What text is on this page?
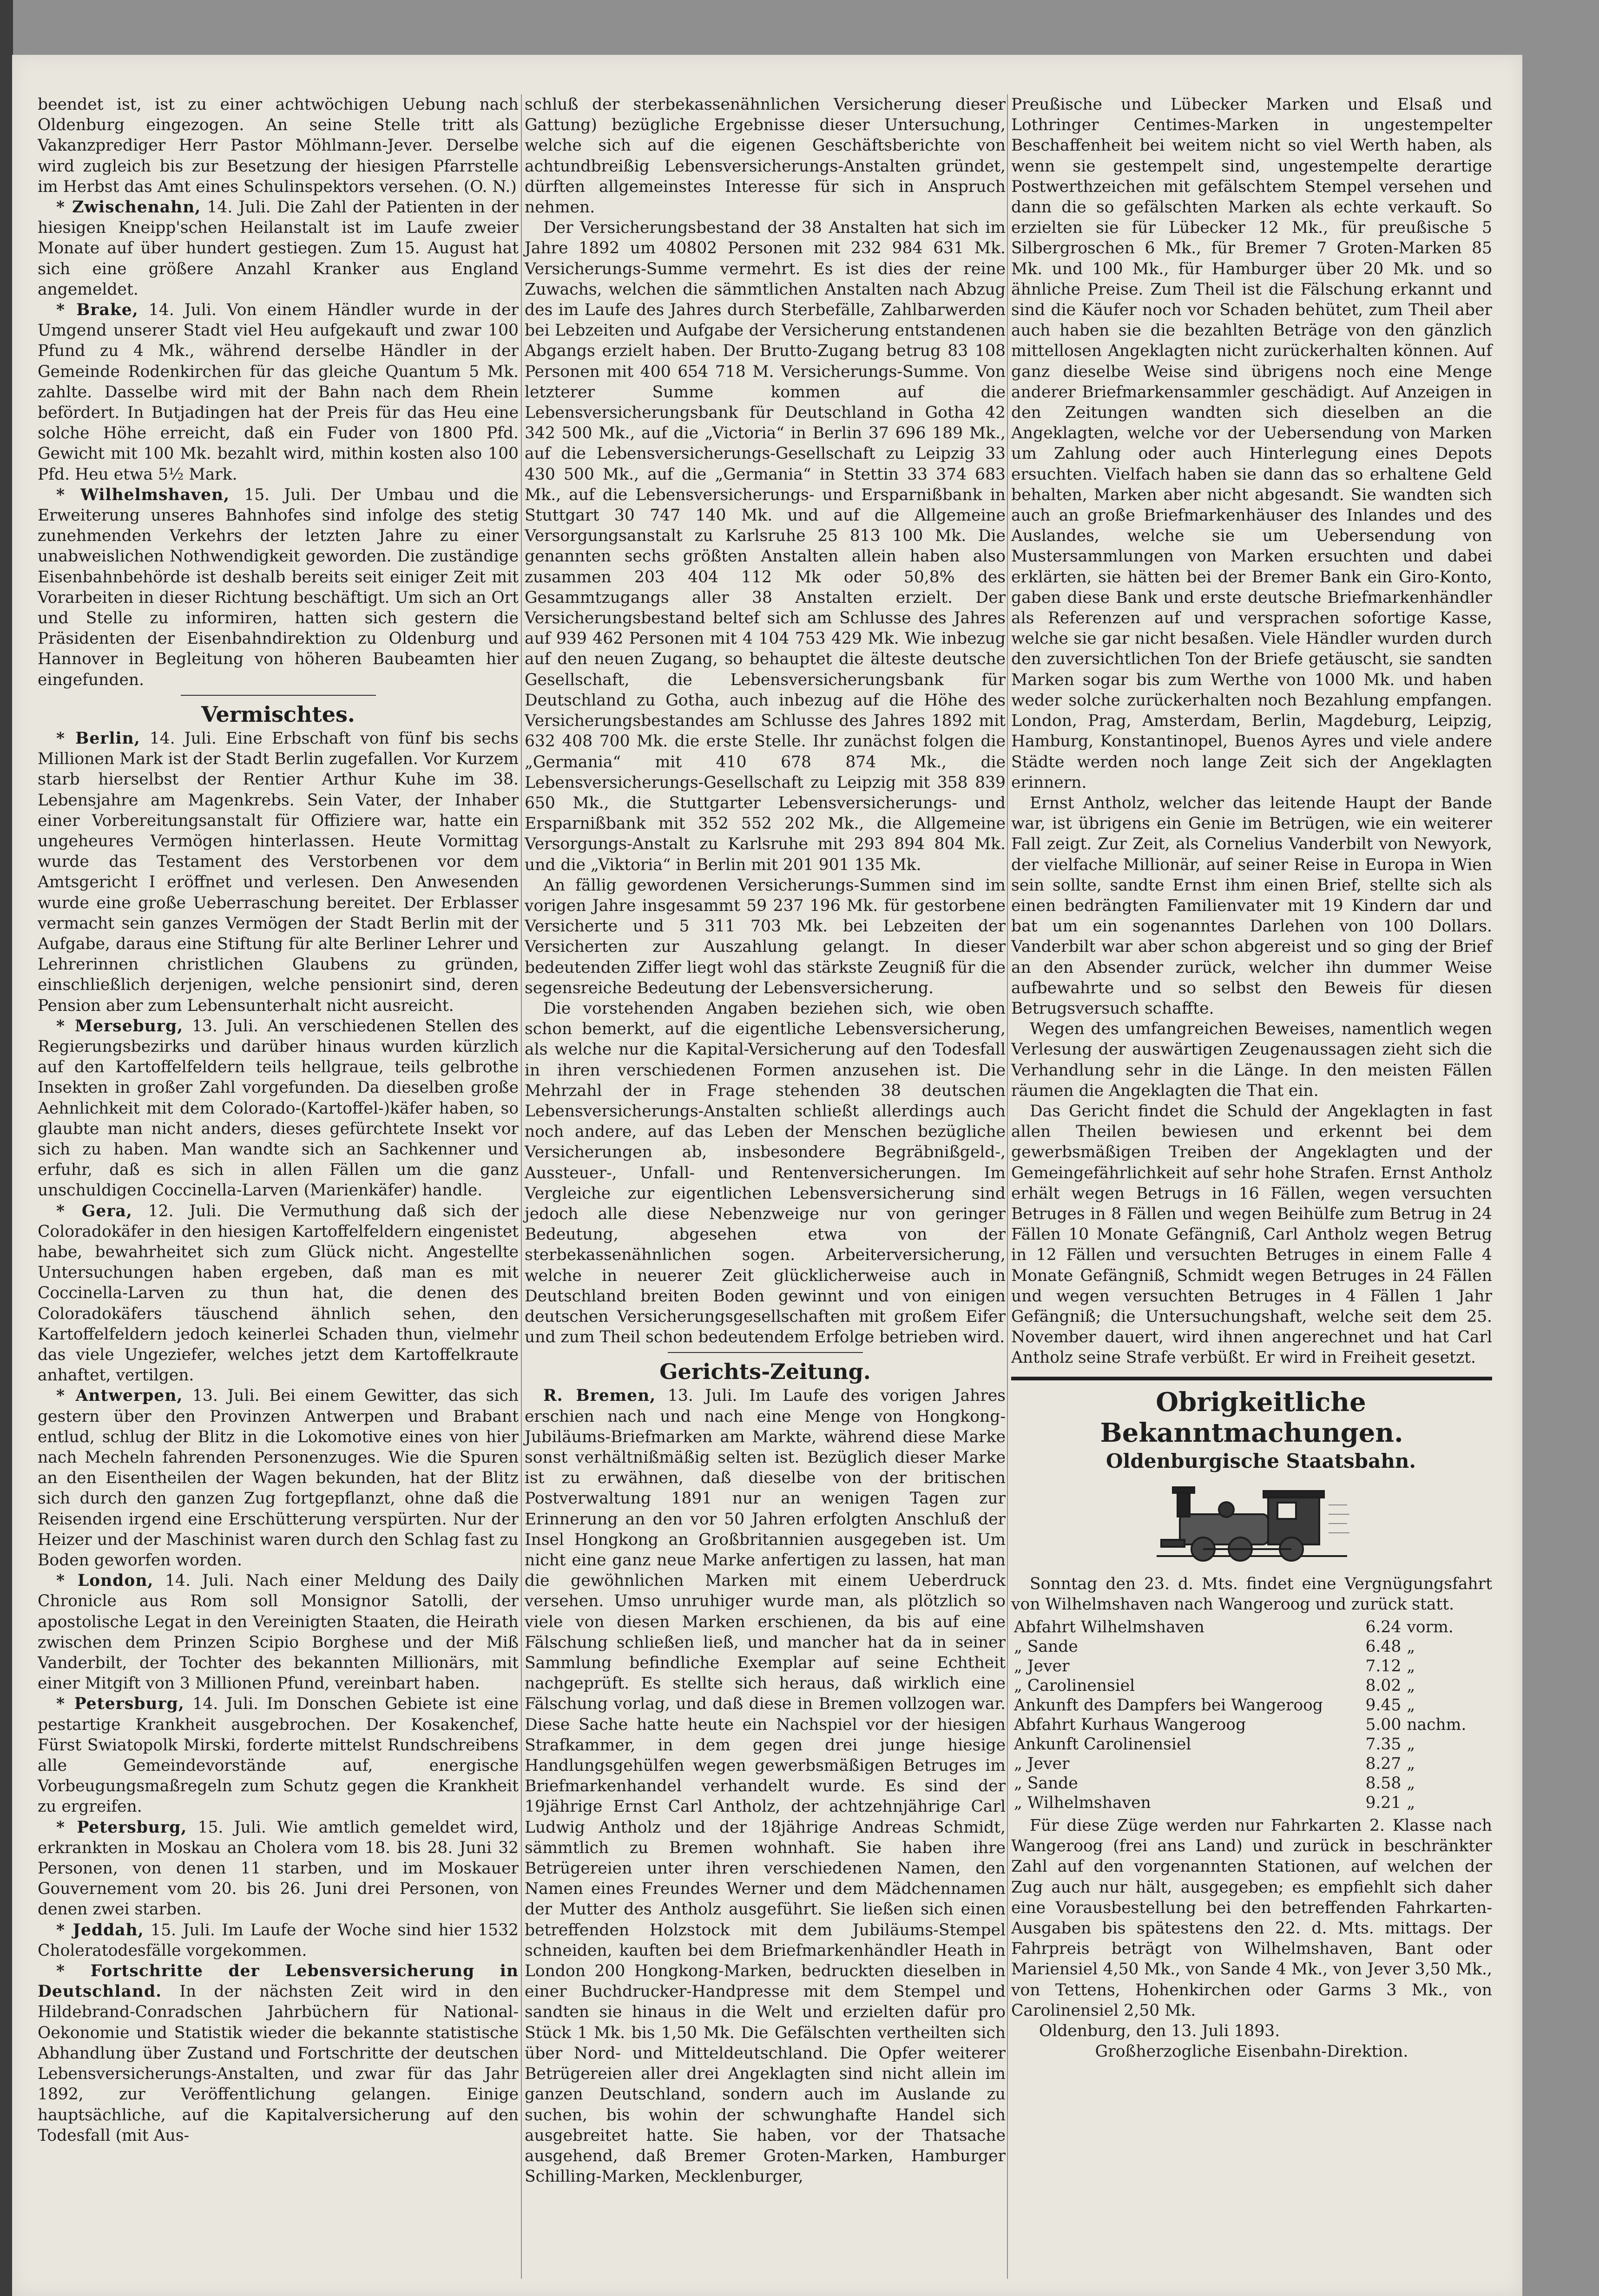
beendet ist, ist zu einer achtwöchigen Uebung nach Oldenburg eingezogen. An seine Stelle tritt als Vakanzprediger Herr Pastor Möhlmann-Jever. Derselbe wird zugleich bis zur Besetzung der hiesigen Pfarrstelle im Herbst das Amt eines Schulinspektors versehen. (O. N.)

* Zwischenahn, 14. Juli. Die Zahl der Patienten in der hiesigen Kneipp'schen Heilanstalt ist im Laufe zweier Monate auf über hundert gestiegen. Zum 15. August hat sich eine größere Anzahl Kranker aus England angemeldet.

* Brake, 14. Juli. Von einem Händler wurde in der Umgend unserer Stadt viel Heu aufgekauft und zwar 100 Pfund zu 4 Mk., während derselbe Händler in der Gemeinde Rodenkirchen für das gleiche Quantum 5 Mk. zahlte. Dasselbe wird mit der Bahn nach dem Rhein befördert. In Butjadingen hat der Preis für das Heu eine solche Höhe erreicht, daß ein Fuder von 1800 Pfd. Gewicht mit 100 Mk. bezahlt wird, mithin kosten also 100 Pfd. Heu etwa 5½ Mark.

* Wilhelmshaven, 15. Juli. Der Umbau und die Erweiterung unseres Bahnhofes sind infolge des stetig zunehmenden Verkehrs der letzten Jahre zu einer unabweislichen Nothwendigkeit geworden. Die zuständige Eisenbahnbehörde ist deshalb bereits seit einiger Zeit mit Vorarbeiten in dieser Richtung beschäftigt. Um sich an Ort und Stelle zu informiren, hatten sich gestern die Präsidenten der Eisenbahndirektion zu Oldenburg und Hannover in Begleitung von höheren Baubeamten hier eingefunden.

Vermischtes.

* Berlin, 14. Juli. Eine Erbschaft von fünf bis sechs Millionen Mark ist der Stadt Berlin zugefallen. Vor Kurzem starb hierselbst der Rentier Arthur Kuhe im 38. Lebensjahre am Magenkrebs. Sein Vater, der Inhaber einer Vorbereitungsanstalt für Offiziere war, hatte ein ungeheures Vermögen hinterlassen. Heute Vormittag wurde das Testament des Verstorbenen vor dem Amtsgericht I eröffnet und verlesen. Den Anwesenden wurde eine große Ueberraschung bereitet. Der Erblasser vermacht sein ganzes Vermögen der Stadt Berlin mit der Aufgabe, daraus eine Stiftung für alte Berliner Lehrer und Lehrerinnen christlichen Glaubens zu gründen, einschließlich derjenigen, welche pensionirt sind, deren Pension aber zum Lebensunterhalt nicht ausreicht.

* Merseburg, 13. Juli. An verschiedenen Stellen des Regierungsbezirks und darüber hinaus wurden kürzlich auf den Kartoffelfeldern teils hellgraue, teils gelbrothe Insekten in großer Zahl vorgefunden. Da dieselben große Aehnlichkeit mit dem Colorado-(Kartoffel-)käfer haben, so glaubte man nicht anders, dieses gefürchtete Insekt vor sich zu haben. Man wandte sich an Sachkenner und erfuhr, daß es sich in allen Fällen um die ganz unschuldigen Coccinella-Larven (Marienkäfer) handle.

* Gera, 12. Juli. Die Vermuthung daß sich der Coloradokäfer in den hiesigen Kartoffelfeldern eingenistet habe, bewahrheitet sich zum Glück nicht. Angestellte Untersuchungen haben ergeben, daß man es mit Coccinella-Larven zu thun hat, die denen des Coloradokäfers täuschend ähnlich sehen, den Kartoffelfeldern jedoch keinerlei Schaden thun, vielmehr das viele Ungeziefer, welches jetzt dem Kartoffelkraute anhaftet, vertilgen.

* Antwerpen, 13. Juli. Bei einem Gewitter, das sich gestern über den Provinzen Antwerpen und Brabant entlud, schlug der Blitz in die Lokomotive eines von hier nach Mecheln fahrenden Personenzuges. Wie die Spuren an den Eisentheilen der Wagen bekunden, hat der Blitz sich durch den ganzen Zug fortgepflanzt, ohne daß die Reisenden irgend eine Erschütterung verspürten. Nur der Heizer und der Maschinist waren durch den Schlag fast zu Boden geworfen worden.

* London, 14. Juli. Nach einer Meldung des Daily Chronicle aus Rom soll Monsignor Satolli, der apostolische Legat in den Vereinigten Staaten, die Heirath zwischen dem Prinzen Scipio Borghese und der Miß Vanderbilt, der Tochter des bekannten Millionärs, mit einer Mitgift von 3 Millionen Pfund, vereinbart haben.

* Petersburg, 14. Juli. Im Donschen Gebiete ist eine pestartige Krankheit ausgebrochen. Der Kosakenchef, Fürst Swiatopolk Mirski, forderte mittelst Rundschreibens alle Gemeindevorstände auf, energische Vorbeugungsmaßregeln zum Schutz gegen die Krankheit zu ergreifen.

* Petersburg, 15. Juli. Wie amtlich gemeldet wird, erkrankten in Moskau an Cholera vom 18. bis 28. Juni 32 Personen, von denen 11 starben, und im Moskauer Gouvernement vom 20. bis 26. Juni drei Personen, von denen zwei starben.

* Jeddah, 15. Juli. Im Laufe der Woche sind hier 1532 Choleratodesfälle vorgekommen.

* Fortschritte der Lebensversicherung in Deutschland. In der nächsten Zeit wird in den Hildebrand-Conradschen Jahrbüchern für National-Oekonomie und Statistik wieder die bekannte statistische Abhandlung über Zustand und Fortschritte der deutschen Lebensversicherungs-Anstalten, und zwar für das Jahr 1892, zur Veröffentlichung gelangen. Einige hauptsächliche, auf die Kapitalversicherung auf den Todesfall (mit Aus-

schluß der sterbekassenähnlichen Versicherung dieser Gattung) bezügliche Ergebnisse dieser Untersuchung, welche sich auf die eigenen Geschäftsberichte von achtundbreißig Lebensversicherungs-Anstalten gründet, dürften allgemeinstes Interesse für sich in Anspruch nehmen.

Der Versicherungsbestand der 38 Anstalten hat sich im Jahre 1892 um 40802 Personen mit 232 984 631 Mk. Versicherungs-Summe vermehrt. Es ist dies der reine Zuwachs, welchen die sämmtlichen Anstalten nach Abzug des im Laufe des Jahres durch Sterbefälle, Zahlbarwerden bei Lebzeiten und Aufgabe der Versicherung entstandenen Abgangs erzielt haben. Der Brutto-Zugang betrug 83 108 Personen mit 400 654 718 M. Versicherungs-Summe. Von letzterer Summe kommen auf die Lebensversicherungsbank für Deutschland in Gotha 42 342 500 Mk., auf die „Victoria“ in Berlin 37 696 189 Mk., auf die Lebensversicherungs-Gesellschaft zu Leipzig 33 430 500 Mk., auf die „Germania“ in Stettin 33 374 683 Mk., auf die Lebensversicherungs- und Ersparnißbank in Stuttgart 30 747 140 Mk. und auf die Allgemeine Versorgungsanstalt zu Karlsruhe 25 813 100 Mk. Die genannten sechs größten Anstalten allein haben also zusammen 203 404 112 Mk oder 50,8% des Gesammtzugangs aller 38 Anstalten erzielt. Der Versicherungsbestand beltef sich am Schlusse des Jahres auf 939 462 Personen mit 4 104 753 429 Mk. Wie inbezug auf den neuen Zugang, so behauptet die älteste deutsche Gesellschaft, die Lebensversicherungsbank für Deutschland zu Gotha, auch inbezug auf die Höhe des Versicherungsbestandes am Schlusse des Jahres 1892 mit 632 408 700 Mk. die erste Stelle. Ihr zunächst folgen die „Germania“ mit 410 678 874 Mk., die Lebensversicherungs-Gesellschaft zu Leipzig mit 358 839 650 Mk., die Stuttgarter Lebensversicherungs- und Ersparnißbank mit 352 552 202 Mk., die Allgemeine Versorgungs-Anstalt zu Karlsruhe mit 293 894 804 Mk. und die „Viktoria“ in Berlin mit 201 901 135 Mk.

An fällig gewordenen Versicherungs-Summen sind im vorigen Jahre insgesammt 59 237 196 Mk. für gestorbene Versicherte und 5 311 703 Mk. bei Lebzeiten der Versicherten zur Auszahlung gelangt. In dieser bedeutenden Ziffer liegt wohl das stärkste Zeugniß für die segensreiche Bedeutung der Lebensversicherung.

Die vorstehenden Angaben beziehen sich, wie oben schon bemerkt, auf die eigentliche Lebensversicherung, als welche nur die Kapital-Versicherung auf den Todesfall in ihren verschiedenen Formen anzusehen ist. Die Mehrzahl der in Frage stehenden 38 deutschen Lebensversicherungs-Anstalten schließt allerdings auch noch andere, auf das Leben der Menschen bezügliche Versicherungen ab, insbesondere Begräbnißgeld-, Aussteuer-, Unfall- und Rentenversicherungen. Im Vergleiche zur eigentlichen Lebensversicherung sind jedoch alle diese Nebenzweige nur von geringer Bedeutung, abgesehen etwa von der sterbekassenähnlichen sogen. Arbeiterversicherung, welche in neuerer Zeit glücklicherweise auch in Deutschland breiten Boden gewinnt und von einigen deutschen Versicherungsgesellschaften mit großem Eifer und zum Theil schon bedeutendem Erfolge betrieben wird.

Gerichts-Zeitung.

R. Bremen, 13. Juli. Im Laufe des vorigen Jahres erschien nach und nach eine Menge von Hongkong-Jubiläums-Briefmarken am Markte, während diese Marke sonst verhältnißmäßig selten ist. Bezüglich dieser Marke ist zu erwähnen, daß dieselbe von der britischen Postverwaltung 1891 nur an wenigen Tagen zur Erinnerung an den vor 50 Jahren erfolgten Anschluß der Insel Hongkong an Großbritannien ausgegeben ist. Um nicht eine ganz neue Marke anfertigen zu lassen, hat man die gewöhnlichen Marken mit einem Ueberdruck versehen. Umso unruhiger wurde man, als plötzlich so viele von diesen Marken erschienen, da bis auf eine Fälschung schließen ließ, und mancher hat da in seiner Sammlung befindliche Exemplar auf seine Echtheit nachgeprüft. Es stellte sich heraus, daß wirklich eine Fälschung vorlag, und daß diese in Bremen vollzogen war. Diese Sache hatte heute ein Nachspiel vor der hiesigen Strafkammer, in dem gegen drei junge hiesige Handlungsgehülfen wegen gewerbsmäßigen Betruges im Briefmarkenhandel verhandelt wurde. Es sind der 19jährige Ernst Carl Antholz, der achtzehnjährige Carl Ludwig Antholz und der 18jährige Andreas Schmidt, sämmtlich zu Bremen wohnhaft. Sie haben ihre Betrügereien unter ihren verschiedenen Namen, den Namen eines Freundes Werner und dem Mädchennamen der Mutter des Antholz ausgeführt. Sie ließen sich einen betreffenden Holzstock mit dem Jubiläums-Stempel schneiden, kauften bei dem Briefmarkenhändler Heath in London 200 Hongkong-Marken, bedruckten dieselben in einer Buchdrucker-Handpresse mit dem Stempel und sandten sie hinaus in die Welt und erzielten dafür pro Stück 1 Mk. bis 1,50 Mk. Die Gefälschten vertheilten sich über Nord- und Mitteldeutschland. Die Opfer weiterer Betrügereien aller drei Angeklagten sind nicht allein im ganzen Deutschland, sondern auch im Auslande zu suchen, bis wohin der schwunghafte Handel sich ausgebreitet hatte. Sie haben, vor der Thatsache ausgehend, daß Bremer Groten-Marken, Hamburger Schilling-Marken, Mecklenburger,

Preußische und Lübecker Marken und Elsaß und Lothringer Centimes-Marken in ungestempelter Beschaffenheit bei weitem nicht so viel Werth haben, als wenn sie gestempelt sind, ungestempelte derartige Postwerthzeichen mit gefälschtem Stempel versehen und dann die so gefälschten Marken als echte verkauft. So erzielten sie für Lübecker 12 Mk., für preußische 5 Silbergroschen 6 Mk., für Bremer 7 Groten-Marken 85 Mk. und 100 Mk., für Hamburger über 20 Mk. und so ähnliche Preise. Zum Theil ist die Fälschung erkannt und sind die Käufer noch vor Schaden behütet, zum Theil aber auch haben sie die bezahlten Beträge von den gänzlich mittellosen Angeklagten nicht zurückerhalten können. Auf ganz dieselbe Weise sind übrigens noch eine Menge anderer Briefmarkensammler geschädigt. Auf Anzeigen in den Zeitungen wandten sich dieselben an die Angeklagten, welche vor der Uebersendung von Marken um Zahlung oder auch Hinterlegung eines Depots ersuchten. Vielfach haben sie dann das so erhaltene Geld behalten, Marken aber nicht abgesandt. Sie wandten sich auch an große Briefmarkenhäuser des Inlandes und des Auslandes, welche sie um Uebersendung von Mustersammlungen von Marken ersuchten und dabei erklärten, sie hätten bei der Bremer Bank ein Giro-Konto, gaben diese Bank und erste deutsche Briefmarkenhändler als Referenzen auf und versprachen sofortige Kasse, welche sie gar nicht besaßen. Viele Händler wurden durch den zuversichtlichen Ton der Briefe getäuscht, sie sandten Marken sogar bis zum Werthe von 1000 Mk. und haben weder solche zurückerhalten noch Bezahlung empfangen. London, Prag, Amsterdam, Berlin, Magdeburg, Leipzig, Hamburg, Konstantinopel, Buenos Ayres und viele andere Städte werden noch lange Zeit sich der Angeklagten erinnern.

Ernst Antholz, welcher das leitende Haupt der Bande war, ist übrigens ein Genie im Betrügen, wie ein weiterer Fall zeigt. Zur Zeit, als Cornelius Vanderbilt von Newyork, der vielfache Millionär, auf seiner Reise in Europa in Wien sein sollte, sandte Ernst ihm einen Brief, stellte sich als einen bedrängten Familienvater mit 19 Kindern dar und bat um ein sogenanntes Darlehen von 100 Dollars. Vanderbilt war aber schon abgereist und so ging der Brief an den Absender zurück, welcher ihn dummer Weise aufbewahrte und so selbst den Beweis für diesen Betrugsversuch schaffte.

Wegen des umfangreichen Beweises, namentlich wegen Verlesung der auswärtigen Zeugenaussagen zieht sich die Verhandlung sehr in die Länge. In den meisten Fällen räumen die Angeklagten die That ein.

Das Gericht findet die Schuld der Angeklagten in fast allen Theilen bewiesen und erkennt bei dem gewerbsmäßigen Treiben der Angeklagten und der Gemeingefährlichkeit auf sehr hohe Strafen. Ernst Antholz erhält wegen Betrugs in 16 Fällen, wegen versuchten Betruges in 8 Fällen und wegen Beihülfe zum Betrug in 24 Fällen 10 Monate Gefängniß, Carl Antholz wegen Betrug in 12 Fällen und versuchten Betruges in einem Falle 4 Monate Gefängniß, Schmidt wegen Betruges in 24 Fällen und wegen versuchten Betruges in 4 Fällen 1 Jahr Gefängniß; die Untersuchungshaft, welche seit dem 25. November dauert, wird ihnen angerechnet und hat Carl Antholz seine Strafe verbüßt. Er wird in Freiheit gesetzt.

Obrigkeitliche Bekanntmachungen.

Oldenburgische Staatsbahn.

Sonntag den 23. d. Mts. findet eine Vergnügungsfahrt von Wilhelmshaven nach Wangeroog und zurück statt.

Abfahrt Wilhelmshaven	6.24	vorm.
„ Sande	6.48	„
„ Jever	7.12	„
„ Carolinensiel	8.02	„
Ankunft des Dampfers bei Wangeroog	9.45	„
Abfahrt Kurhaus Wangeroog	5.00	nachm.
Ankunft Carolinensiel	7.35	„
„ Jever	8.27	„
„ Sande	8.58	„
„ Wilhelmshaven	9.21	„

Für diese Züge werden nur Fahrkarten 2. Klasse nach Wangeroog (frei ans Land) und zurück in beschränkter Zahl auf den vorgenannten Stationen, auf welchen der Zug auch nur hält, ausgegeben; es empfiehlt sich daher eine Vorausbestellung bei den betreffenden Fahrkarten-Ausgaben bis spätestens den 22. d. Mts. mittags. Der Fahrpreis beträgt von Wilhelmshaven, Bant oder Mariensiel 4,50 Mk., von Sande 4 Mk., von Jever 3,50 Mk., von Tettens, Hohenkirchen oder Garms 3 Mk., von Carolinensiel 2,50 Mk.

Oldenburg, den 13. Juli 1893.

Großherzogliche Eisenbahn-Direktion.
